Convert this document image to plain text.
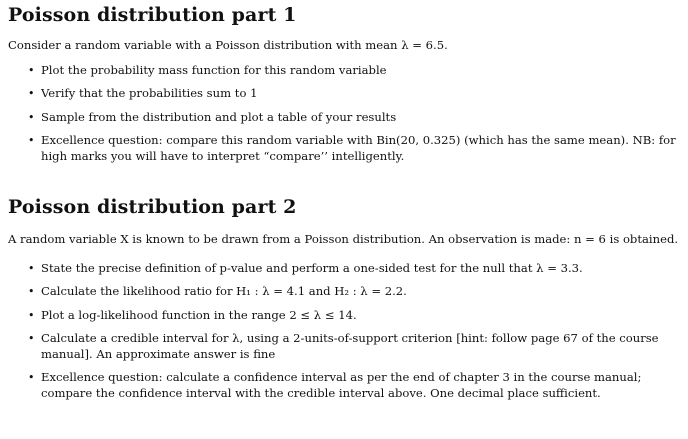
Poisson distribution part 1

Consider a random variable with a Poisson distribution with mean λ = 6.5.

• Plot the probability mass function for this random variable
• Verify that the probabilities sum to 1
• Sample from the distribution and plot a table of your results
• Excellence question: compare this random variable with Bin(20, 0.325) (which has the same mean). NB: for high marks you will have to interpret “compare’’ intelligently.
Poisson distribution part 2

A random variable X is known to be drawn from a Poisson distribution. An observation is made: n = 6 is obtained.

• State the precise definition of p-value and perform a one-sided test for the null that λ = 3.3.
• Calculate the likelihood ratio for H₁ : λ = 4.1 and H₂ : λ = 2.2.
• Plot a log-likelihood function in the range 2 ≤ λ ≤ 14.
• Calculate a credible interval for λ, using a 2-units-of-support criterion [hint: follow page 67 of the course manual]. An approximate answer is fine
• Excellence question: calculate a confidence interval as per the end of chapter 3 in the course manual; compare the confidence interval with the credible interval above. One decimal place sufficient.
